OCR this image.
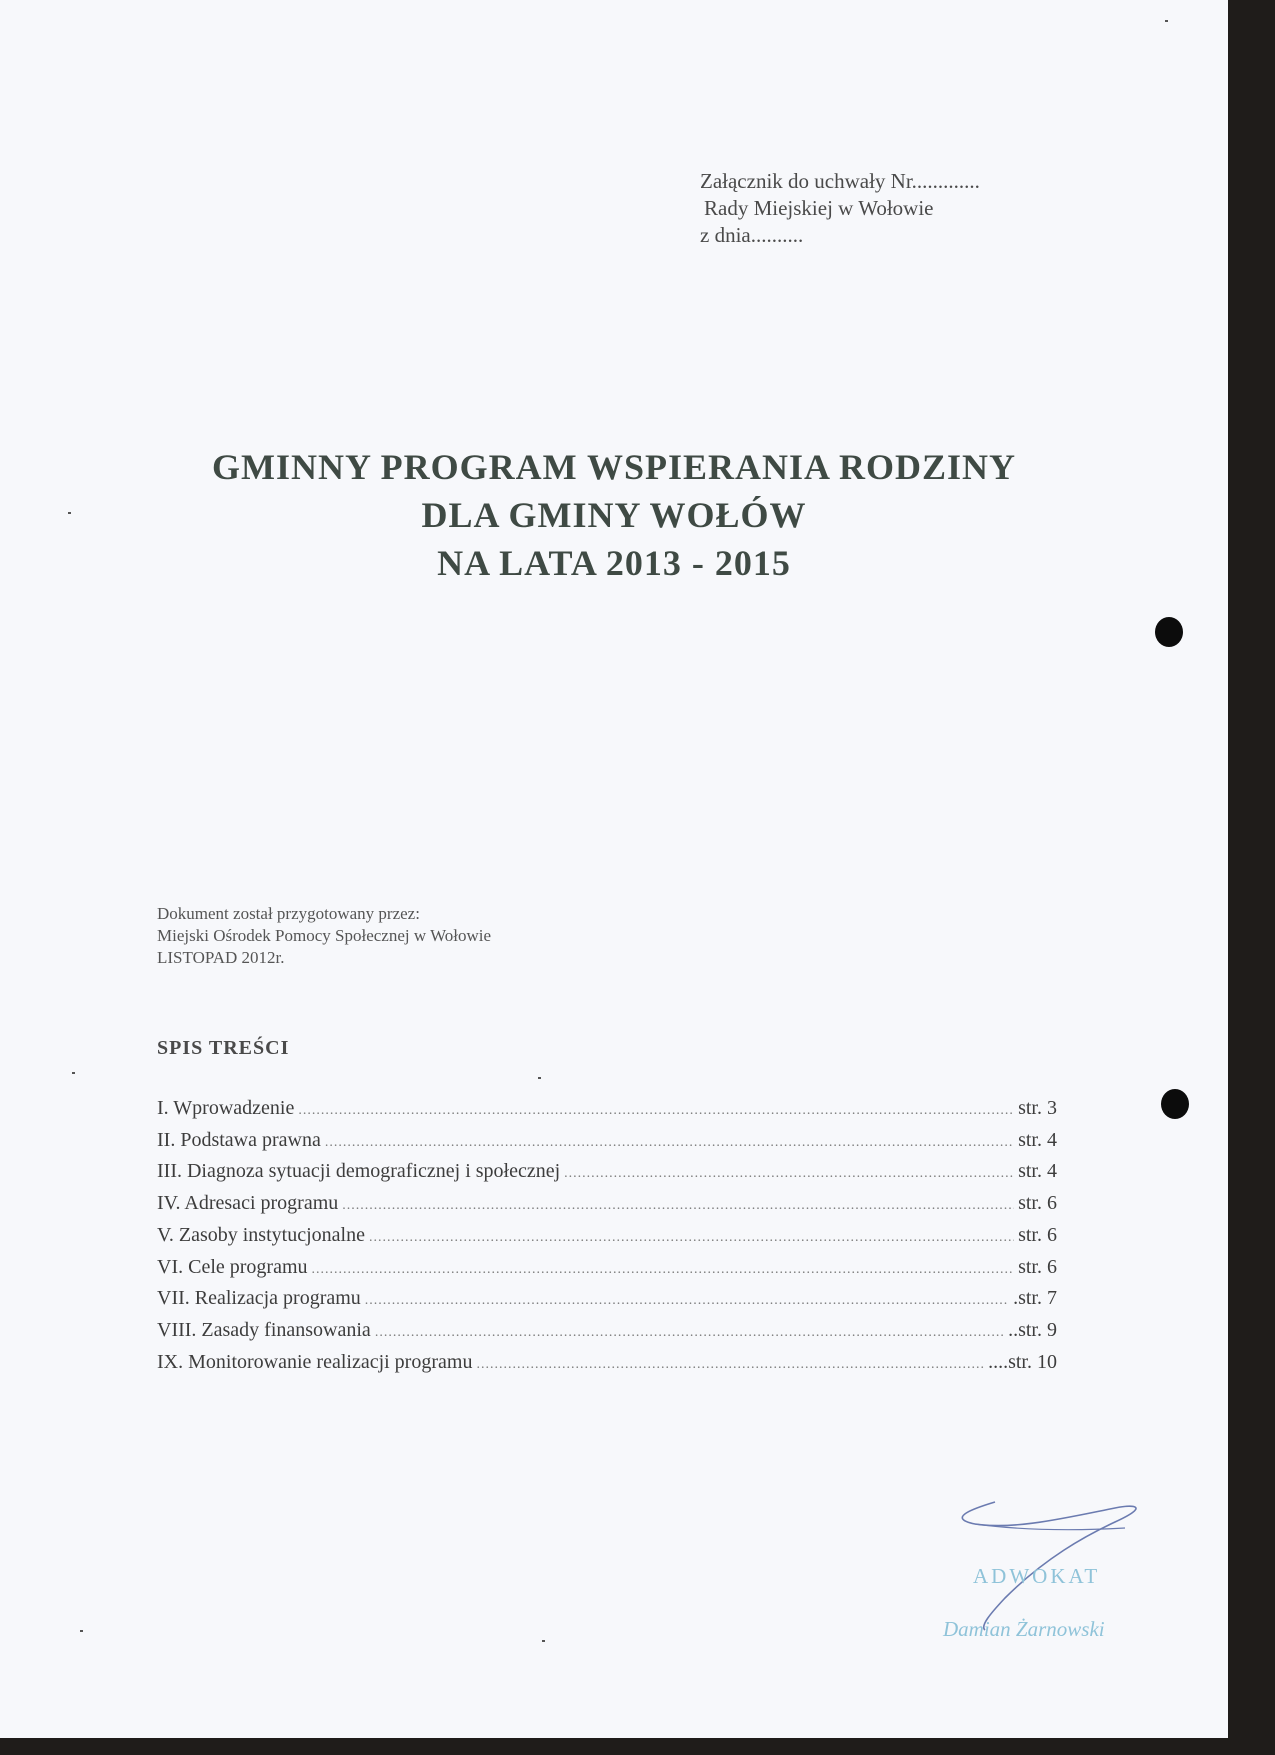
Załącznik do uchwały Nr.............
Rady Miejskiej w Wołowie
z dnia..........
GMINNY PROGRAM WSPIERANIA RODZINY
DLA GMINY WOŁÓW
NA LATA 2013 - 2015
Dokument został przygotowany przez:
Miejski Ośrodek Pomocy Społecznej w Wołowie
LISTOPAD 2012r.
SPIS TREŚCI
I. Wprowadzenie .....	str. 3
II. Podstawa prawna .....	str. 4
III. Diagnoza sytuacji demograficznej i społecznej .....	str. 4
IV. Adresaci programu .....	str. 6
V. Zasoby instytucjonalne .....	str. 6
VI. Cele programu .....	str. 6
VII. Realizacja programu .....	.str. 7
VIII. Zasady finansowania .....	..str. 9
IX. Monitorowanie realizacji programu .....	....str. 10
ADWOKAT
Damian Żarnowski
